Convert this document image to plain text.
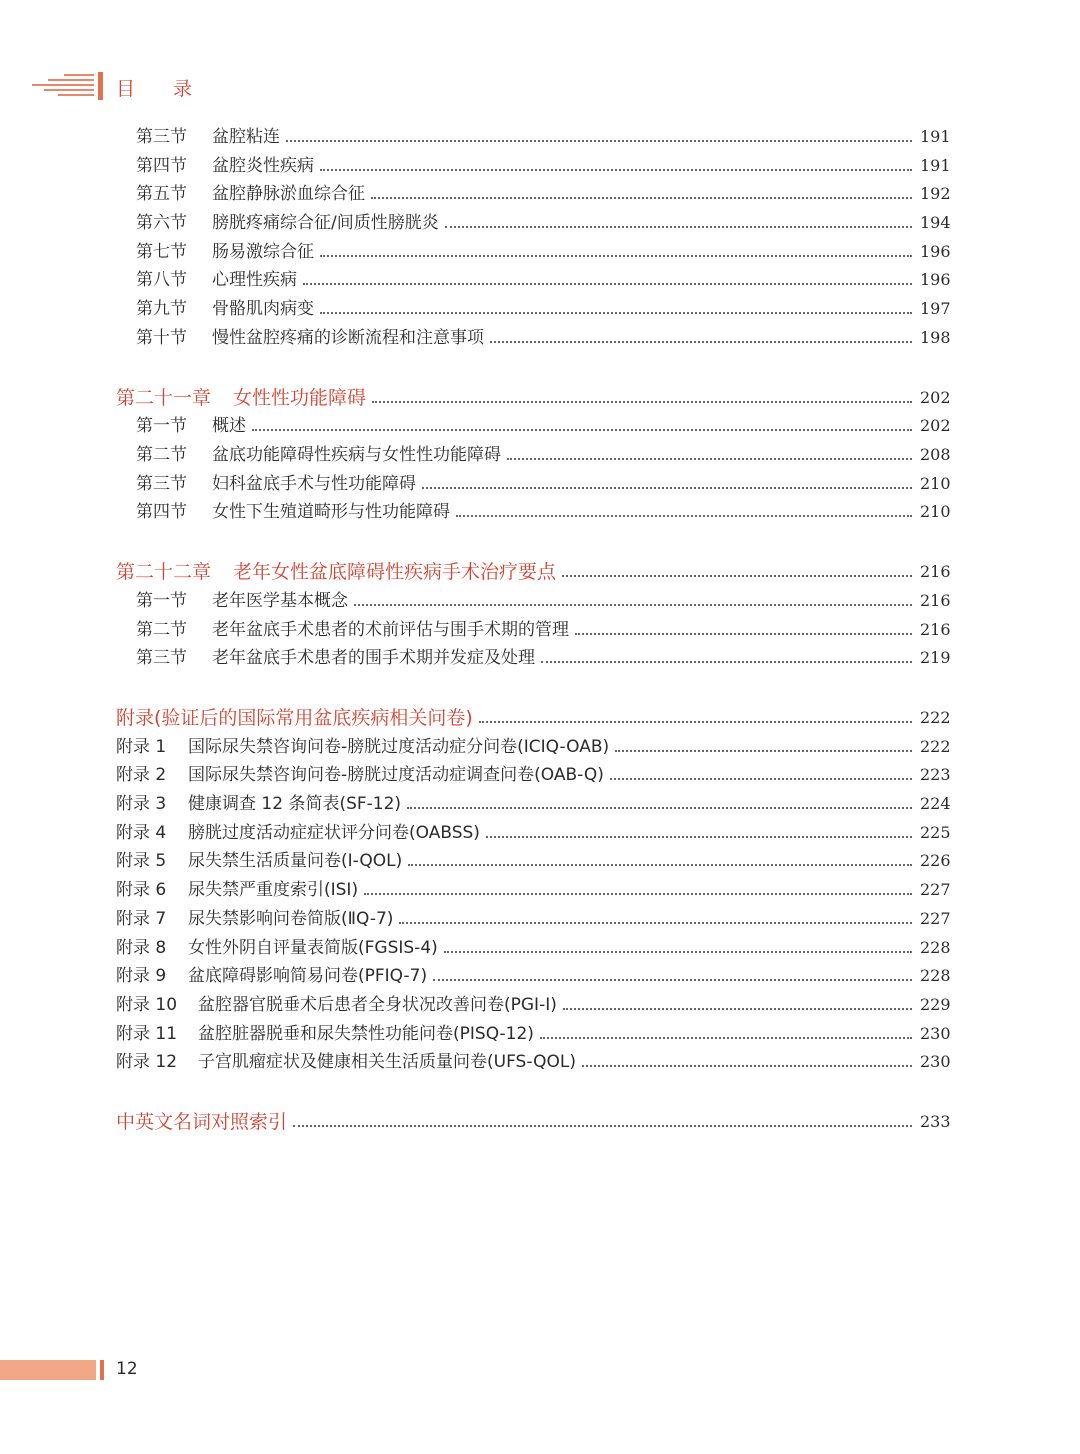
目 录
第三节	盆腔粘连	191
第四节	盆腔炎性疾病	191
第五节	盆腔静脉淤血综合征	192
第六节	膀胱疼痛综合征/间质性膀胱炎	194
第七节	肠易激综合征	196
第八节	心理性疾病	196
第九节	骨骼肌肉病变	197
第十节	慢性盆腔疼痛的诊断流程和注意事项	198
第二十一章 女性性功能障碍	202
第一节	概述	202
第二节	盆底功能障碍性疾病与女性性功能障碍	208
第三节	妇科盆底手术与性功能障碍	210
第四节	女性下生殖道畸形与性功能障碍	210
第二十二章 老年女性盆底障碍性疾病手术治疗要点	216
第一节	老年医学基本概念	216
第二节	老年盆底手术患者的术前评估与围手术期的管理	216
第三节	老年盆底手术患者的围手术期并发症及处理	219
附录(验证后的国际常用盆底疾病相关问卷)	222
附录 1	国际尿失禁咨询问卷-膀胱过度活动症分问卷(ICIQ-OAB)	222
附录 2	国际尿失禁咨询问卷-膀胱过度活动症调查问卷(OAB-Q)	223
附录 3	健康调查 12 条简表(SF-12)	224
附录 4	膀胱过度活动症症状评分问卷(OABSS)	225
附录 5	尿失禁生活质量问卷(Ⅰ-QOL)	226
附录 6	尿失禁严重度索引(ISI)	227
附录 7	尿失禁影响问卷简版(ⅡQ-7)	227
附录 8	女性外阴自评量表简版(FGSIS-4)	228
附录 9	盆底障碍影响简易问卷(PFIQ-7)	228
附录 10	盆腔器官脱垂术后患者全身状况改善问卷(PGI-I)	229
附录 11	盆腔脏器脱垂和尿失禁性功能问卷(PISQ-12)	230
附录 12	子宫肌瘤症状及健康相关生活质量问卷(UFS-QOL)	230
中英文名词对照索引	233
12
